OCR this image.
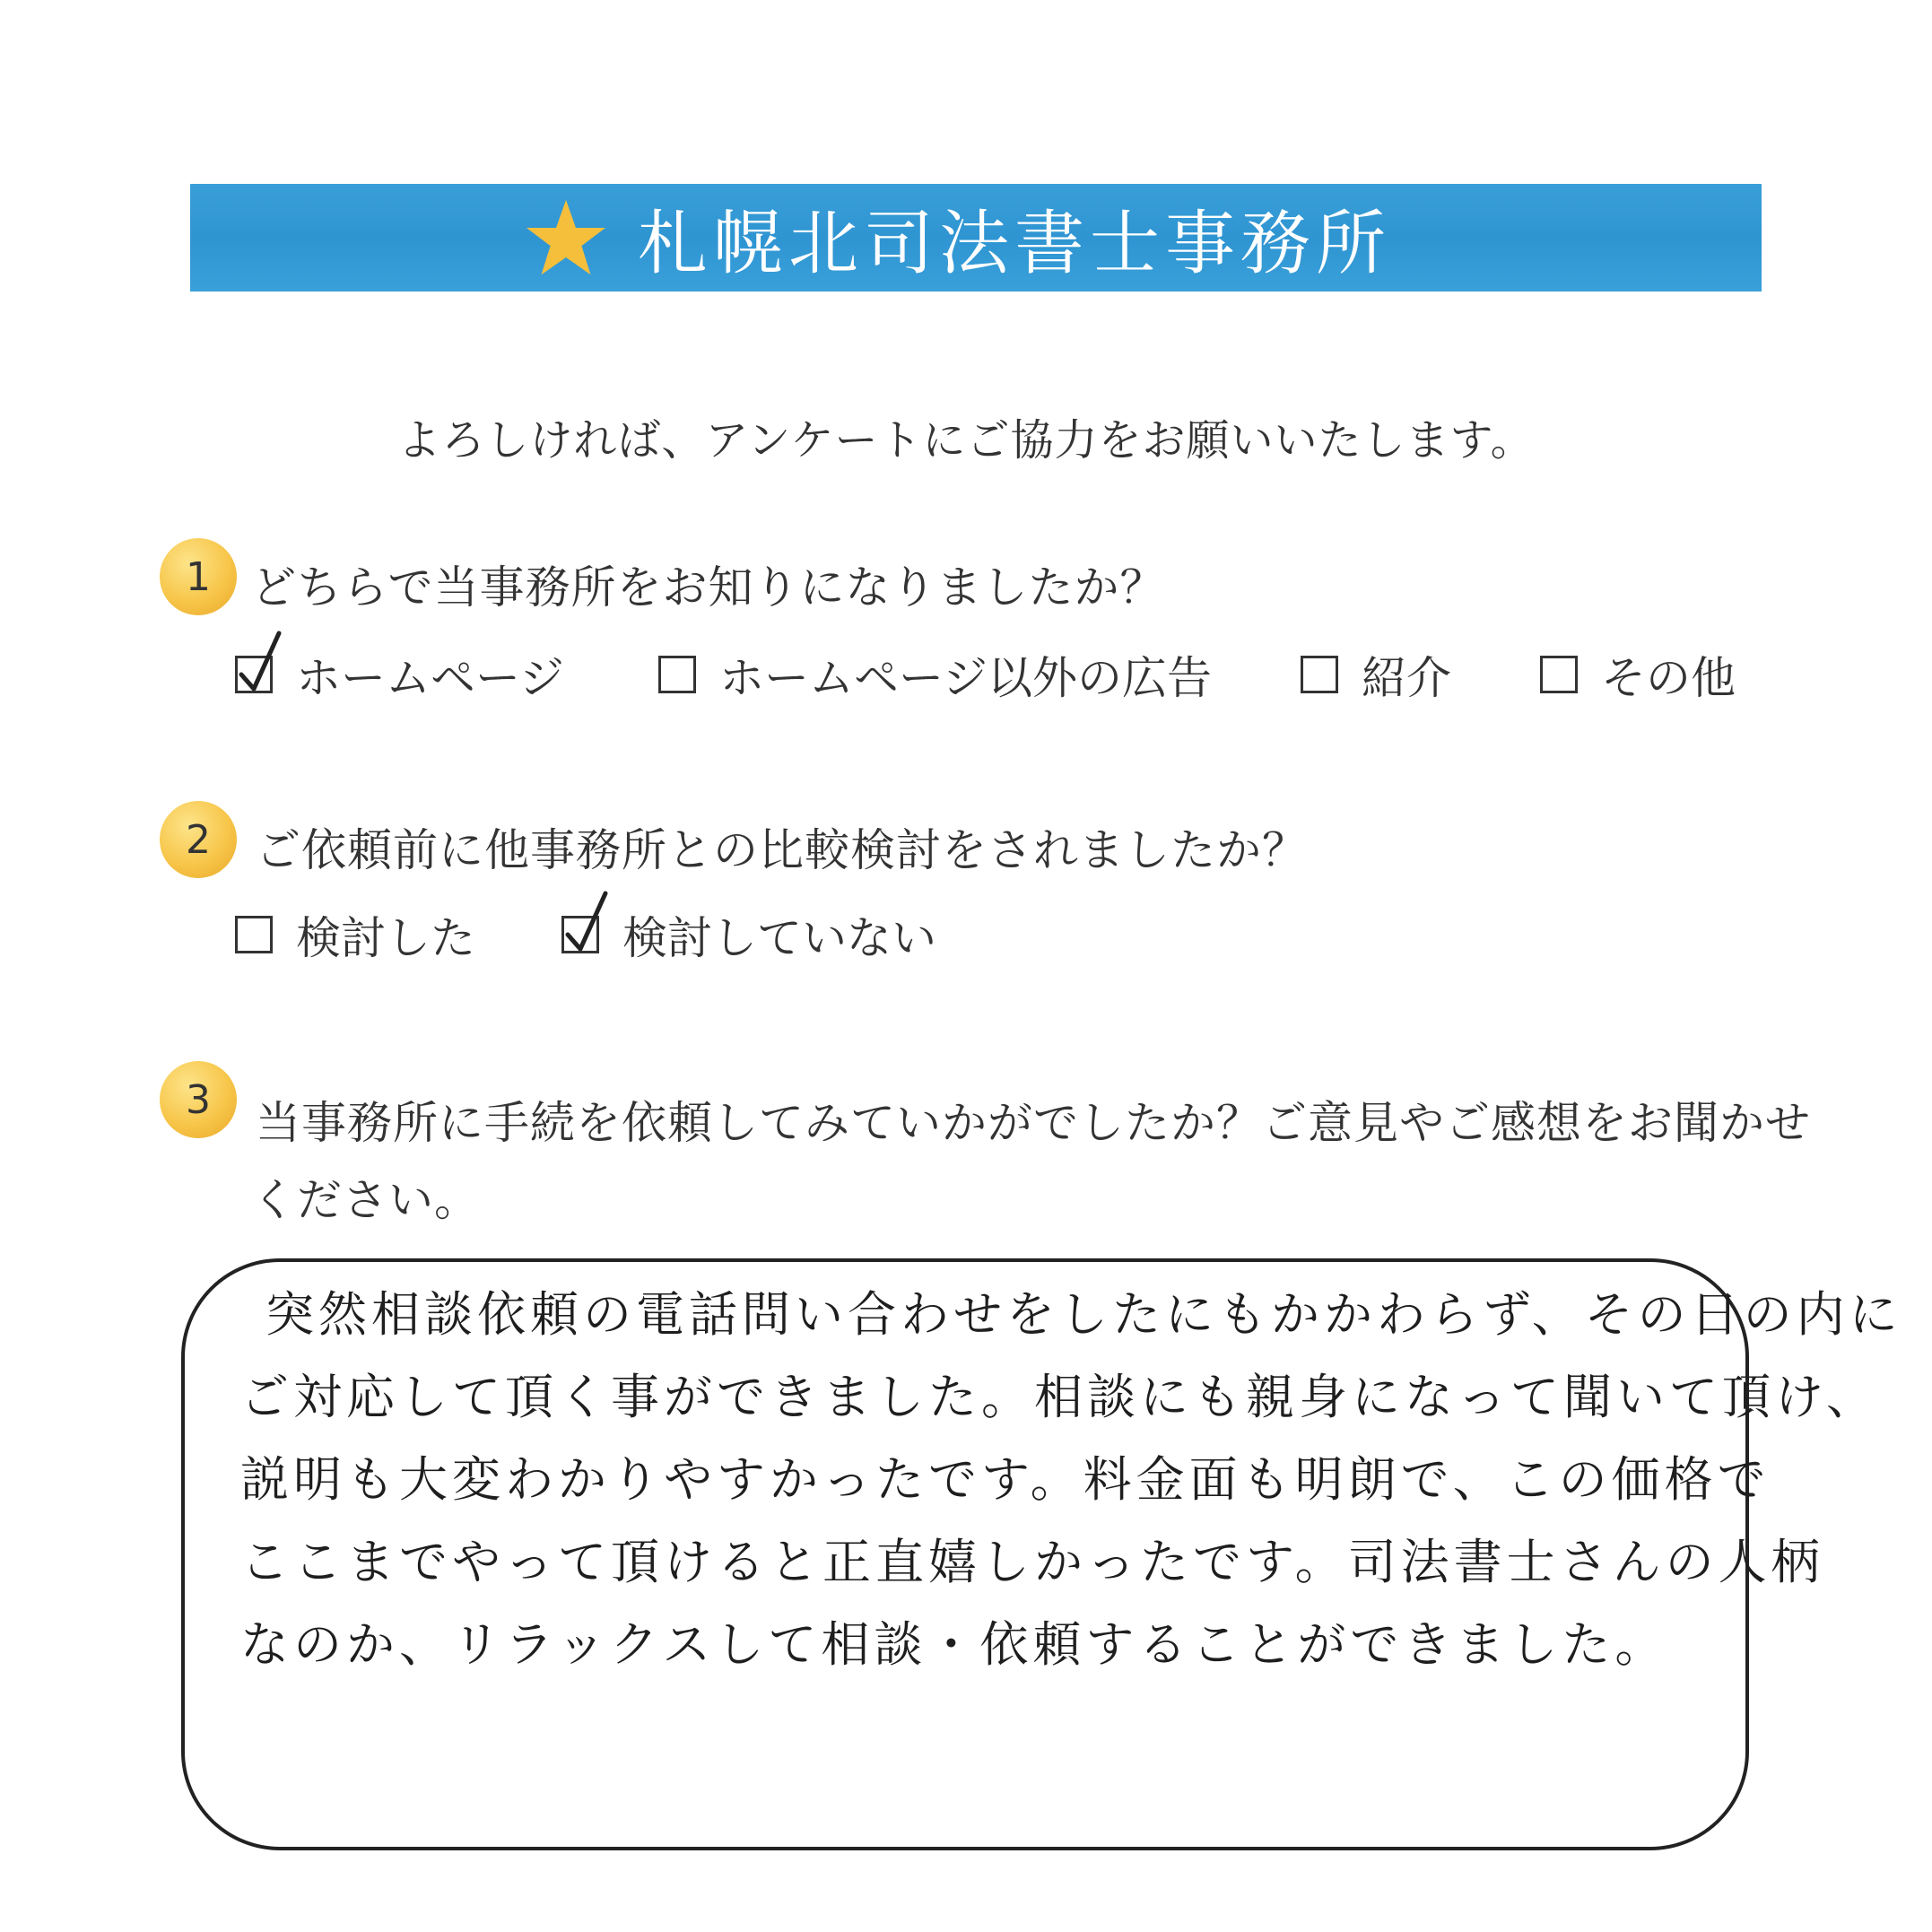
札幌北司法書士事務所
よろしければ、アンケートにご協力をお願いいたします。
1 どちらで当事務所をお知りになりましたか？
ホームページ	ホームページ以外の広告	紹介	その他
2 ご依頼前に他事務所との比較検討をされましたか？
検討した	検討していない
3 当事務所に手続を依頼してみていかがでしたか？ご意見やご感想をお聞かせ
ください。
突然相談依頼の電話問い合わせをしたにもかかわらず、その日の内に
ご対応して頂く事ができました。相談にも親身になって聞いて頂け、
説明も大変わかりやすかったです。料金面も明朗で、この価格で
ここまでやって頂けると正直嬉しかったです。司法書士さんの人柄
なのか、リラックスして相談・依頼することができました。
